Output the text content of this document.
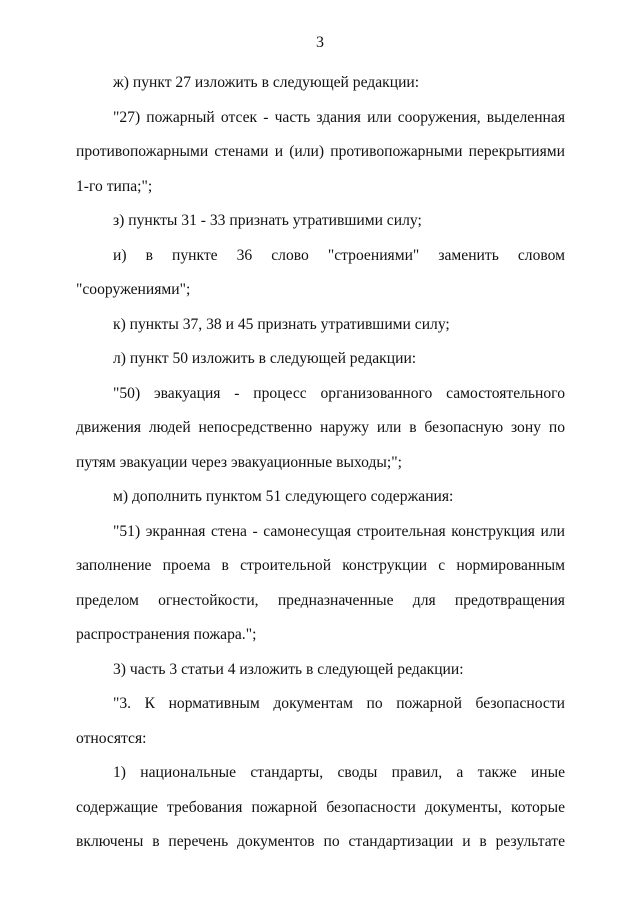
3

ж) пункт 27 изложить в следующей редакции:

"27) пожарный отсек - часть здания или сооружения, выделенная противопожарными стенами и (или) противопожарными перекрытиями 1-го типа;";

з) пункты 31 - 33 признать утратившими силу;

и) в пункте 36 слово "строениями" заменить словом "сооружениями";

к) пункты 37, 38 и 45 признать утратившими силу;

л) пункт 50 изложить в следующей редакции:

"50) эвакуация - процесс организованного самостоятельного движения людей непосредственно наружу или в безопасную зону по путям эвакуации через эвакуационные выходы;";

м) дополнить пунктом 51 следующего содержания:

"51) экранная стена - самонесущая строительная конструкция или заполнение проема в строительной конструкции с нормированным пределом огнестойкости, предназначенные для предотвращения распространения пожара.";

3) часть 3 статьи 4 изложить в следующей редакции:

"3. К нормативным документам по пожарной безопасности относятся:

1) национальные стандарты, своды правил, а также иные содержащие требования пожарной безопасности документы, которые включены в перечень документов по стандартизации и в результате
